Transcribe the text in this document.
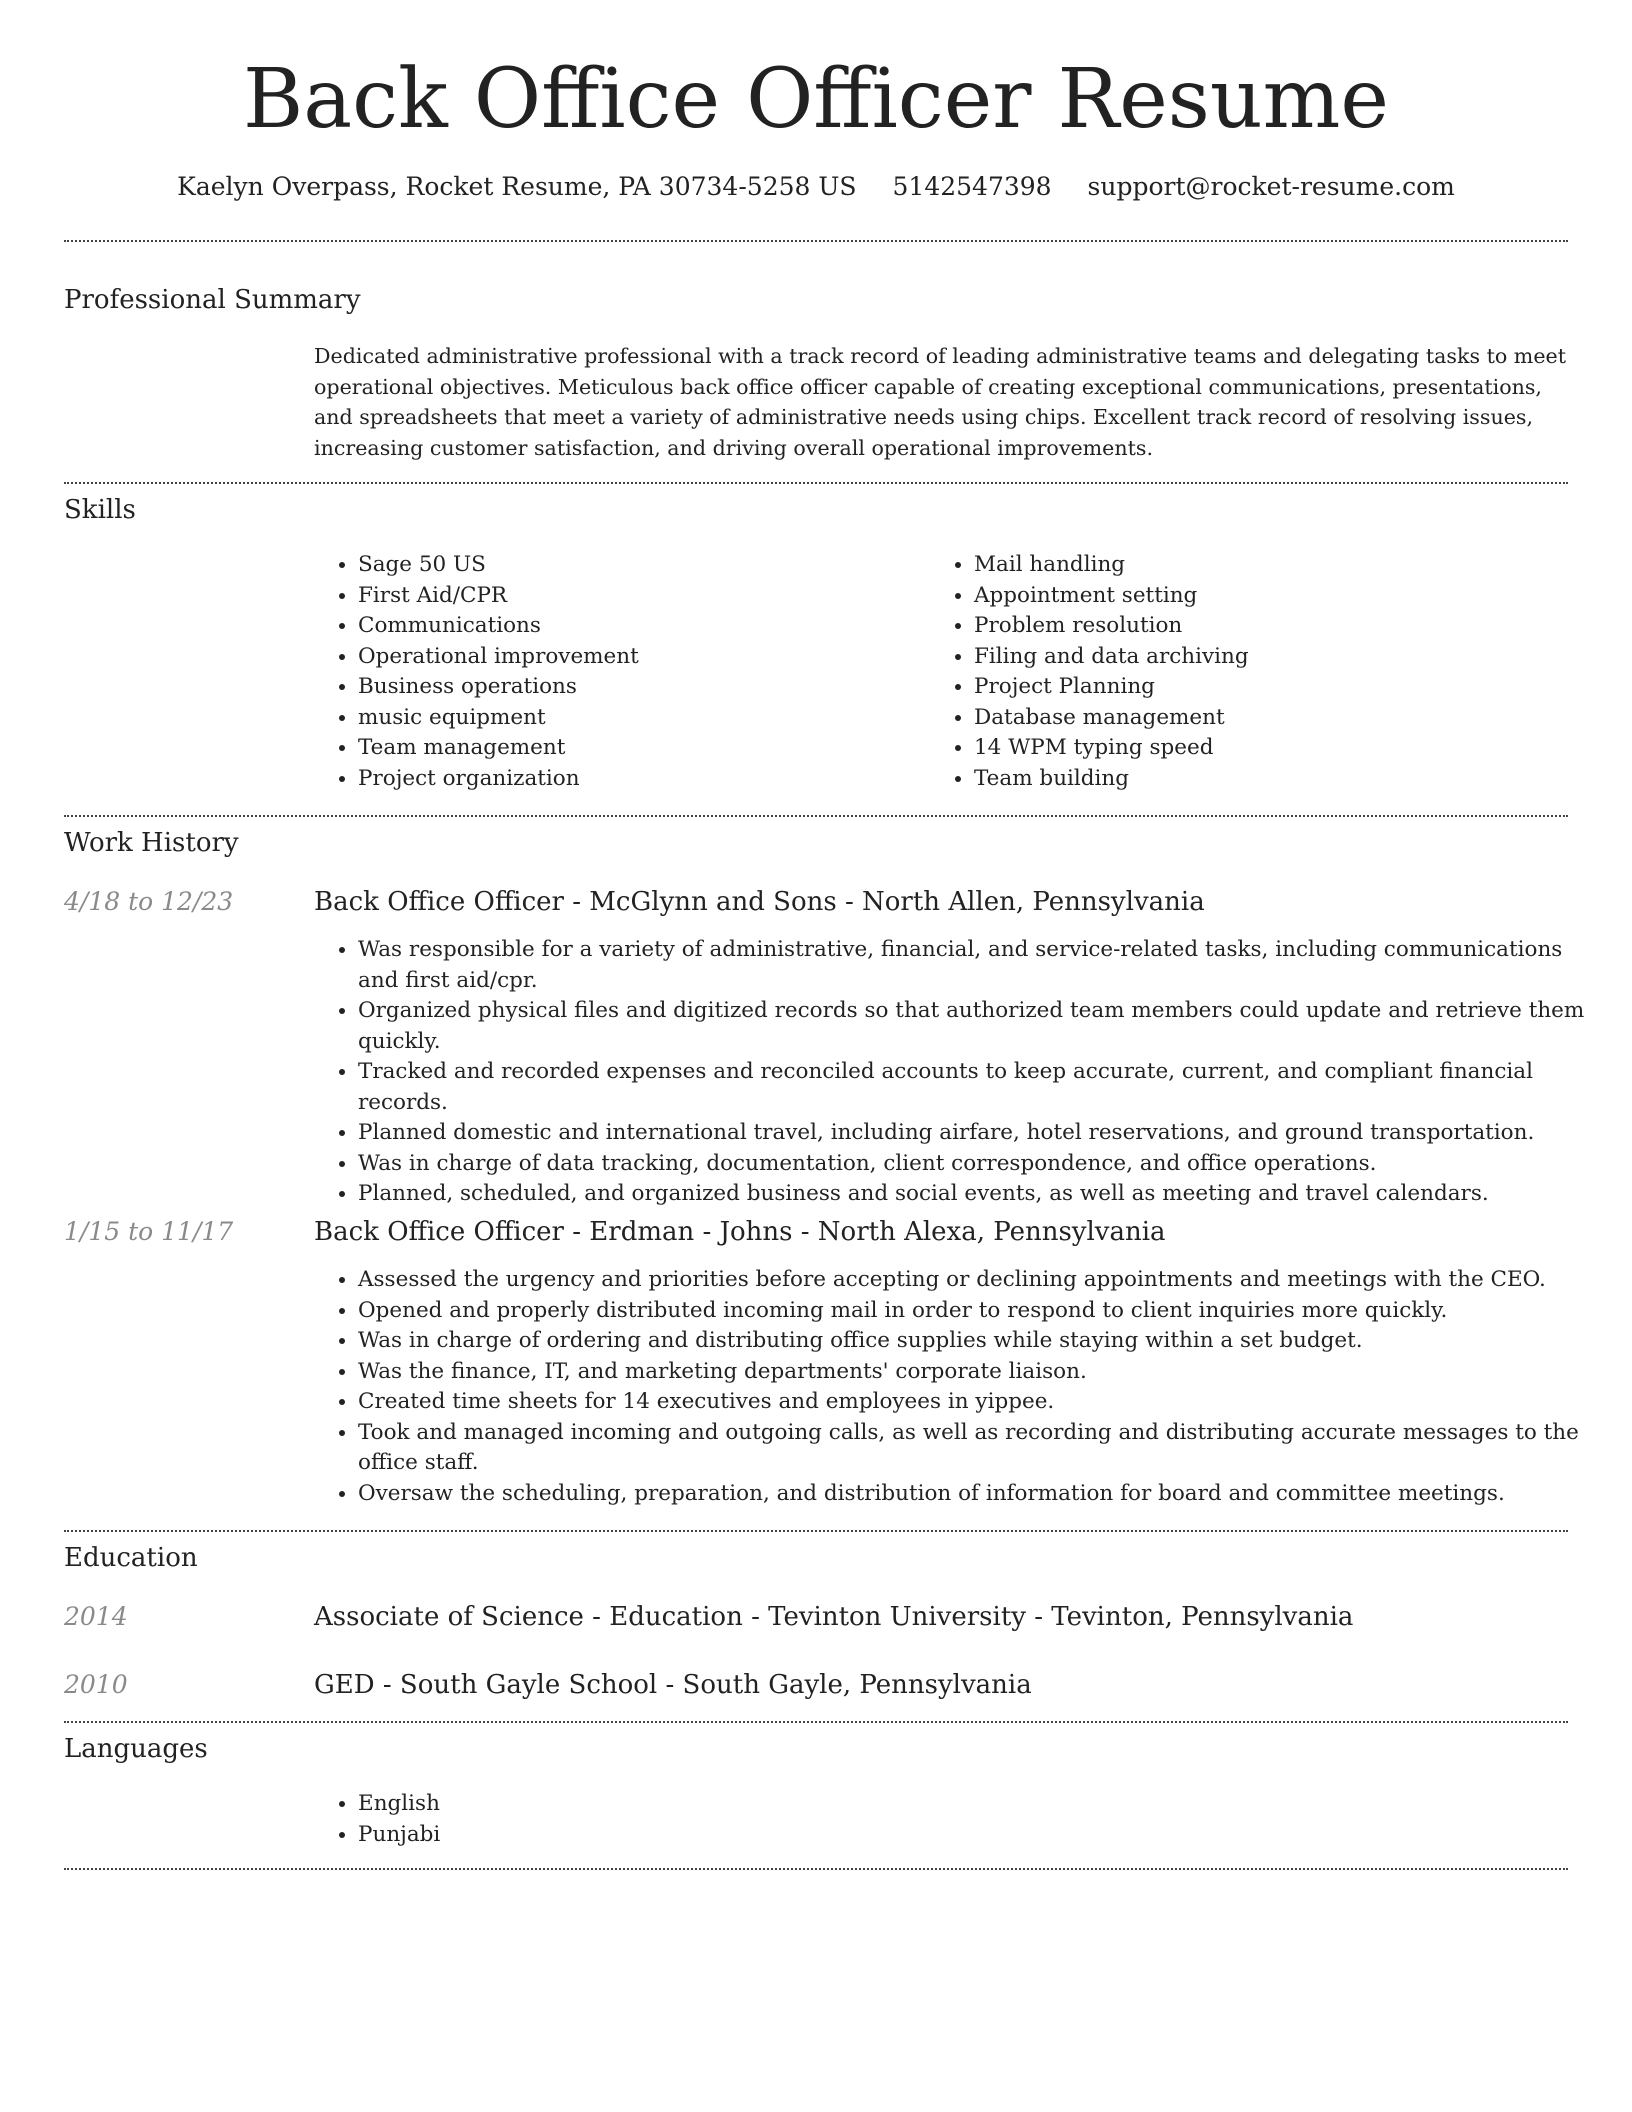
Back Office Officer Resume
Kaelyn Overpass, Rocket Resume, PA 30734-5258 US 5142547398 support@rocket-resume.com
Professional Summary

Dedicated administrative professional with a track record of leading administrative teams and delegating tasks to meet operational objectives. Meticulous back office officer capable of creating exceptional communications, presentations, and spreadsheets that meet a variety of administrative needs using chips. Excellent track record of resolving issues, increasing customer satisfaction, and driving overall operational improvements.

Skills
• Sage 50 US
• First Aid/CPR
• Communications
• Operational improvement
• Business operations
• music equipment
• Team management
• Project organization
• Mail handling
• Appointment setting
• Problem resolution
• Filing and data archiving
• Project Planning
• Database management
• 14 WPM typing speed
• Team building
Work History
4/18 to 12/23	Back Office Officer - McGlynn and Sons - North Allen, Pennsylvania
• Was responsible for a variety of administrative, financial, and service-related tasks, including communications and first aid/cpr.
• Organized physical files and digitized records so that authorized team members could update and retrieve them quickly.
• Tracked and recorded expenses and reconciled accounts to keep accurate, current, and compliant financial records.
• Planned domestic and international travel, including airfare, hotel reservations, and ground transportation.
• Was in charge of data tracking, documentation, client correspondence, and office operations.
• Planned, scheduled, and organized business and social events, as well as meeting and travel calendars.
1/15 to 11/17	Back Office Officer - Erdman - Johns - North Alexa, Pennsylvania
• Assessed the urgency and priorities before accepting or declining appointments and meetings with the CEO.
• Opened and properly distributed incoming mail in order to respond to client inquiries more quickly.
• Was in charge of ordering and distributing office supplies while staying within a set budget.
• Was the finance, IT, and marketing departments' corporate liaison.
• Created time sheets for 14 executives and employees in yippee.
• Took and managed incoming and outgoing calls, as well as recording and distributing accurate messages to the office staff.
• Oversaw the scheduling, preparation, and distribution of information for board and committee meetings.
Education
2014	Associate of Science - Education - Tevinton University - Tevinton, Pennsylvania
2010	GED - South Gayle School - South Gayle, Pennsylvania
Languages
• English
• Punjabi
